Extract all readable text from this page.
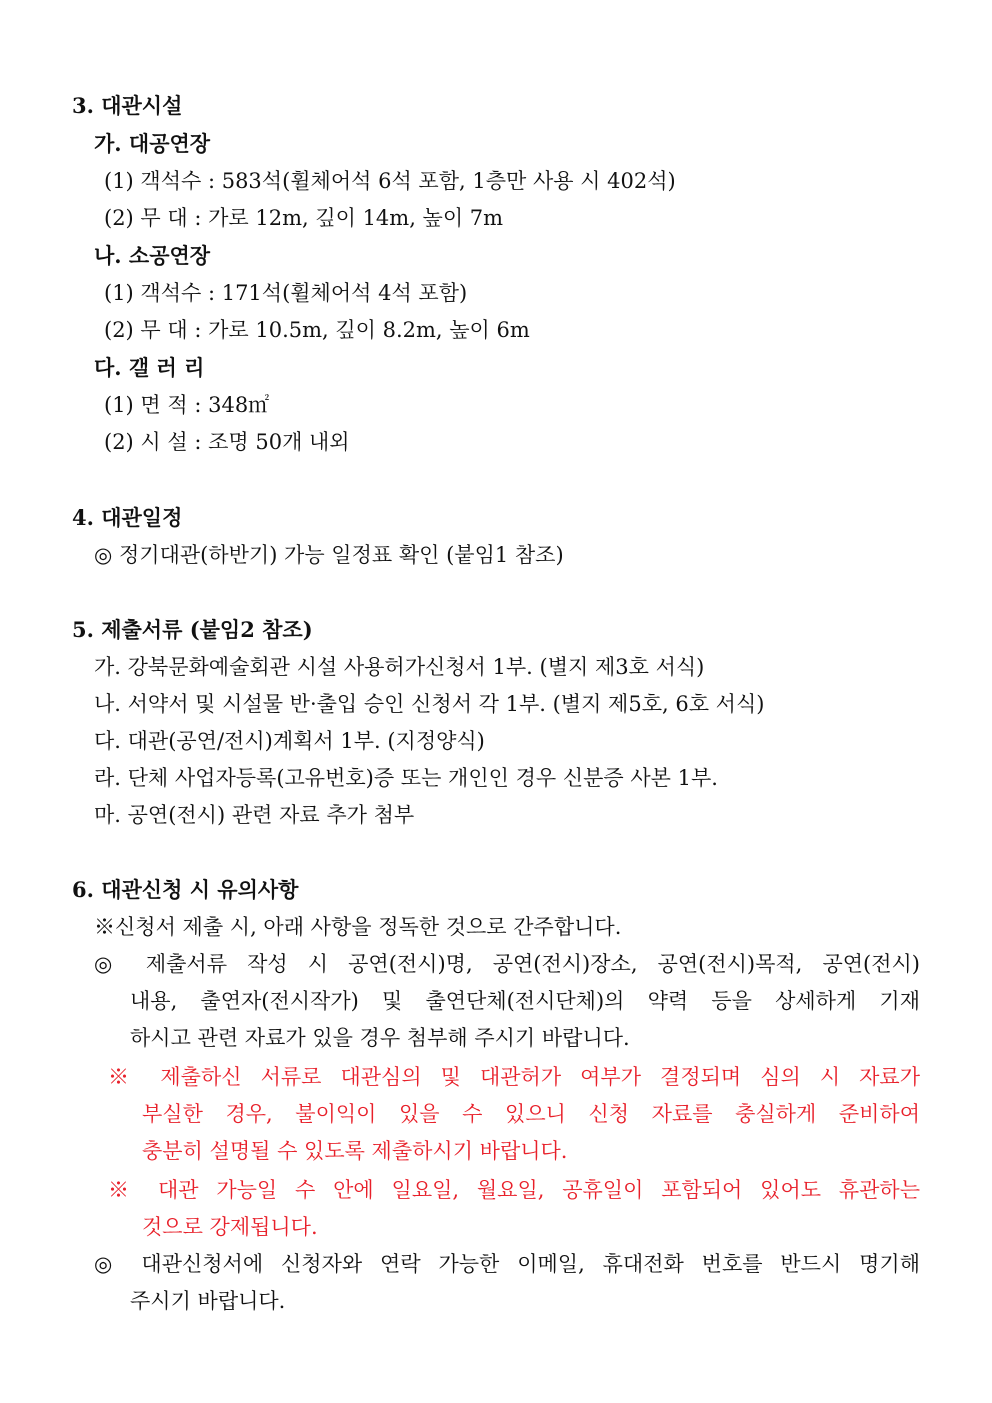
3. 대관시설
가. 대공연장
(1) 객석수 : 583석(휠체어석 6석 포함, 1층만 사용 시 402석)
(2) 무 대 : 가로 12m, 깊이 14m, 높이 7m
나. 소공연장
(1) 객석수 : 171석(휠체어석 4석 포함)
(2) 무 대 : 가로 10.5m, 깊이 8.2m, 높이 6m
다. 갤 러 리
(1) 면 적 : 348㎡
(2) 시 설 : 조명 50개 내외
4. 대관일정
◎ 정기대관(하반기) 가능 일정표 확인 (붙임1 참조)
5. 제출서류 (붙임2 참조)
가. 강북문화예술회관 시설 사용허가신청서 1부. (별지 제3호 서식)
나. 서약서 및 시설물 반·출입 승인 신청서 각 1부. (별지 제5호, 6호 서식)
다. 대관(공연/전시)계획서 1부. (지정양식)
라. 단체 사업자등록(고유번호)증 또는 개인인 경우 신분증 사본 1부.
마. 공연(전시) 관련 자료 추가 첨부
6. 대관신청 시 유의사항
※신청서 제출 시, 아래 사항을 정독한 것으로 간주합니다.
◎ 제출서류 작성 시 공연(전시)명, 공연(전시)장소, 공연(전시)목적, 공연(전시)
내용, 출연자(전시작가) 및 출연단체(전시단체)의 약력 등을 상세하게 기재
하시고 관련 자료가 있을 경우 첨부해 주시기 바랍니다.
※ 제출하신 서류로 대관심의 및 대관허가 여부가 결정되며 심의 시 자료가
부실한 경우, 불이익이 있을 수 있으니 신청 자료를 충실하게 준비하여
충분히 설명될 수 있도록 제출하시기 바랍니다.
※ 대관 가능일 수 안에 일요일, 월요일, 공휴일이 포함되어 있어도 휴관하는
것으로 강제됩니다.
◎ 대관신청서에 신청자와 연락 가능한 이메일, 휴대전화 번호를 반드시 명기해
주시기 바랍니다.
